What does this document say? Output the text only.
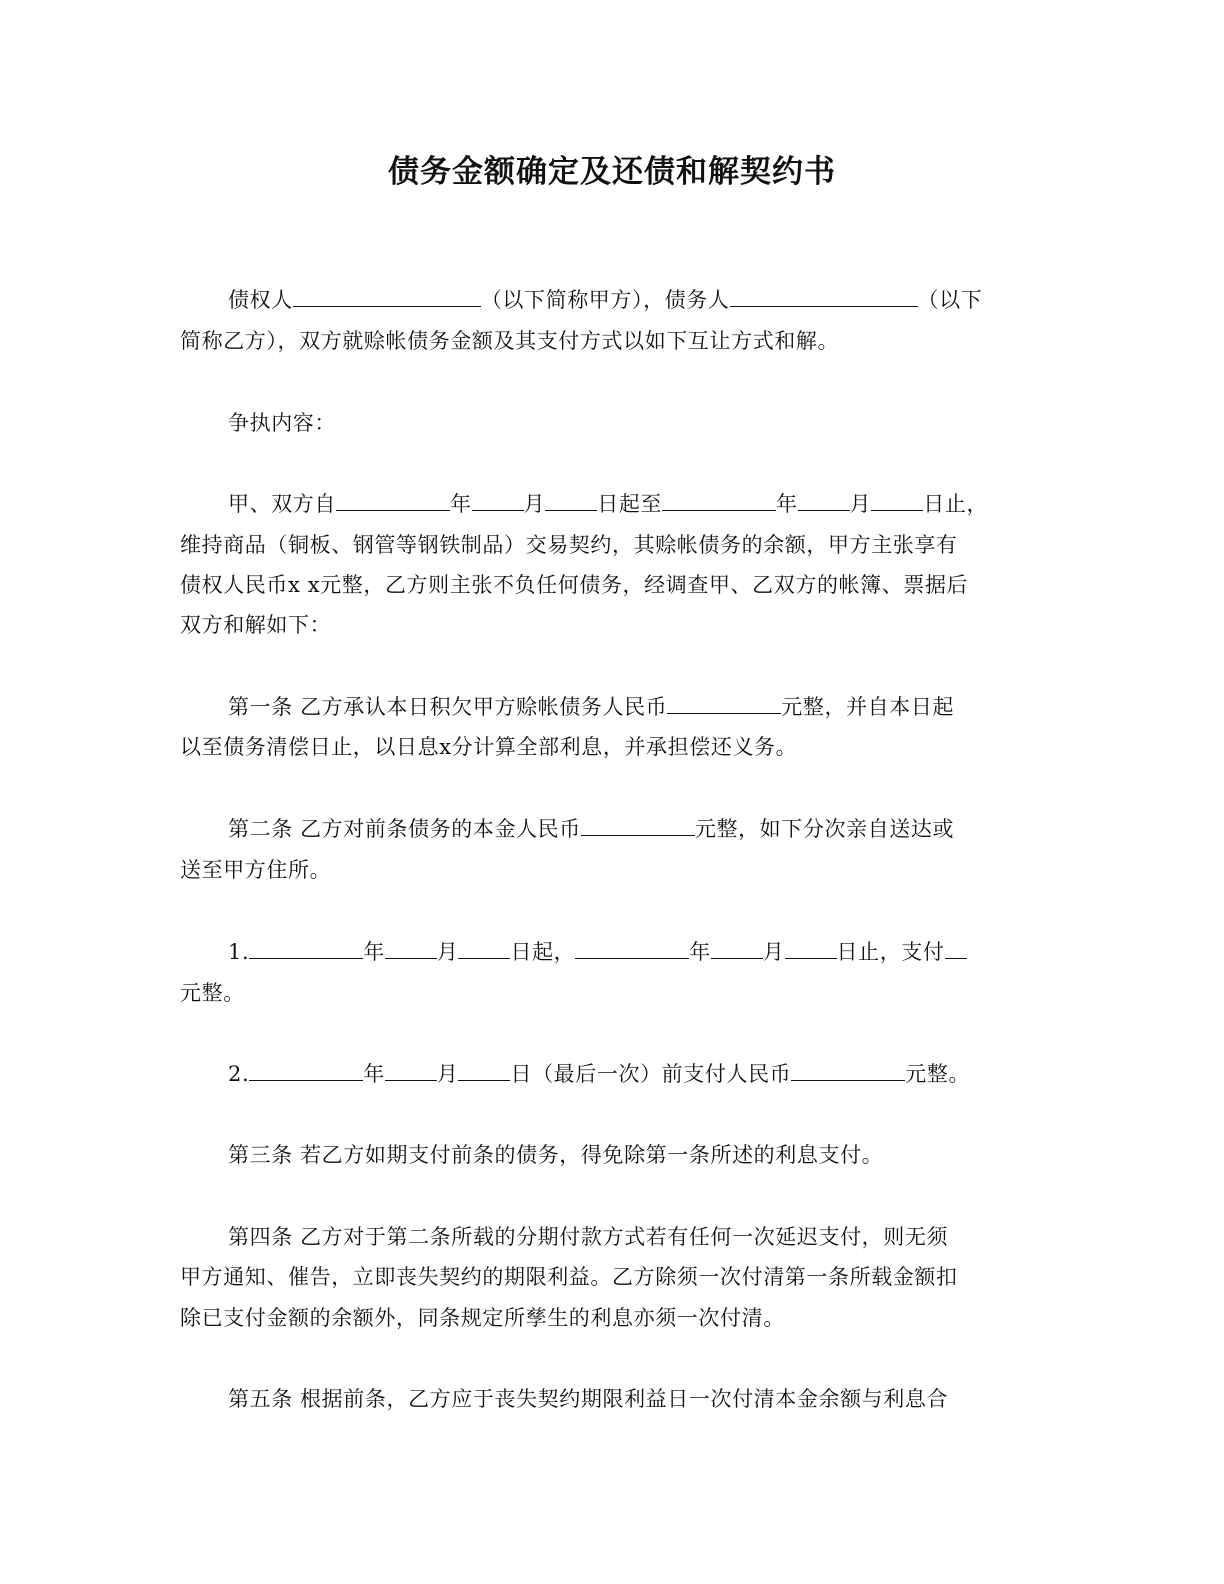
债务金额确定及还债和解契约书
债权人	（以下简称甲方），债务人	（以下
简称乙方），双方就赊帐债务金额及其支付方式以如下互让方式和解。
争执内容：
甲、双方自	年 月 日起至	年 月 日止，
维持商品（铜板、钢管等钢铁制品）交易契约，其赊帐债务的余额，甲方主张享有
债权人民币x x元整，乙方则主张不负任何债务，经调查甲、乙双方的帐簿、票据后
双方和解如下：
第一条 乙方承认本日积欠甲方赊帐债务人民币	元整，并自本日起
以至债务清偿日止，以日息x分计算全部利息，并承担偿还义务。
第二条 乙方对前条债务的本金人民币	元整，如下分次亲自送达或
送至甲方住所。
1.	年 月 日起，	年 月 日止，支付
元整。
2.	年 月 日（最后一次）前支付人民币	元整。
第三条 若乙方如期支付前条的债务，得免除第一条所述的利息支付。
第四条 乙方对于第二条所载的分期付款方式若有任何一次延迟支付，则无须
甲方通知、催告，立即丧失契约的期限利益。乙方除须一次付清第一条所载金额扣
除已支付金额的余额外，同条规定所孳生的利息亦须一次付清。
第五条 根据前条，乙方应于丧失契约期限利益日一次付清本金余额与利息合
